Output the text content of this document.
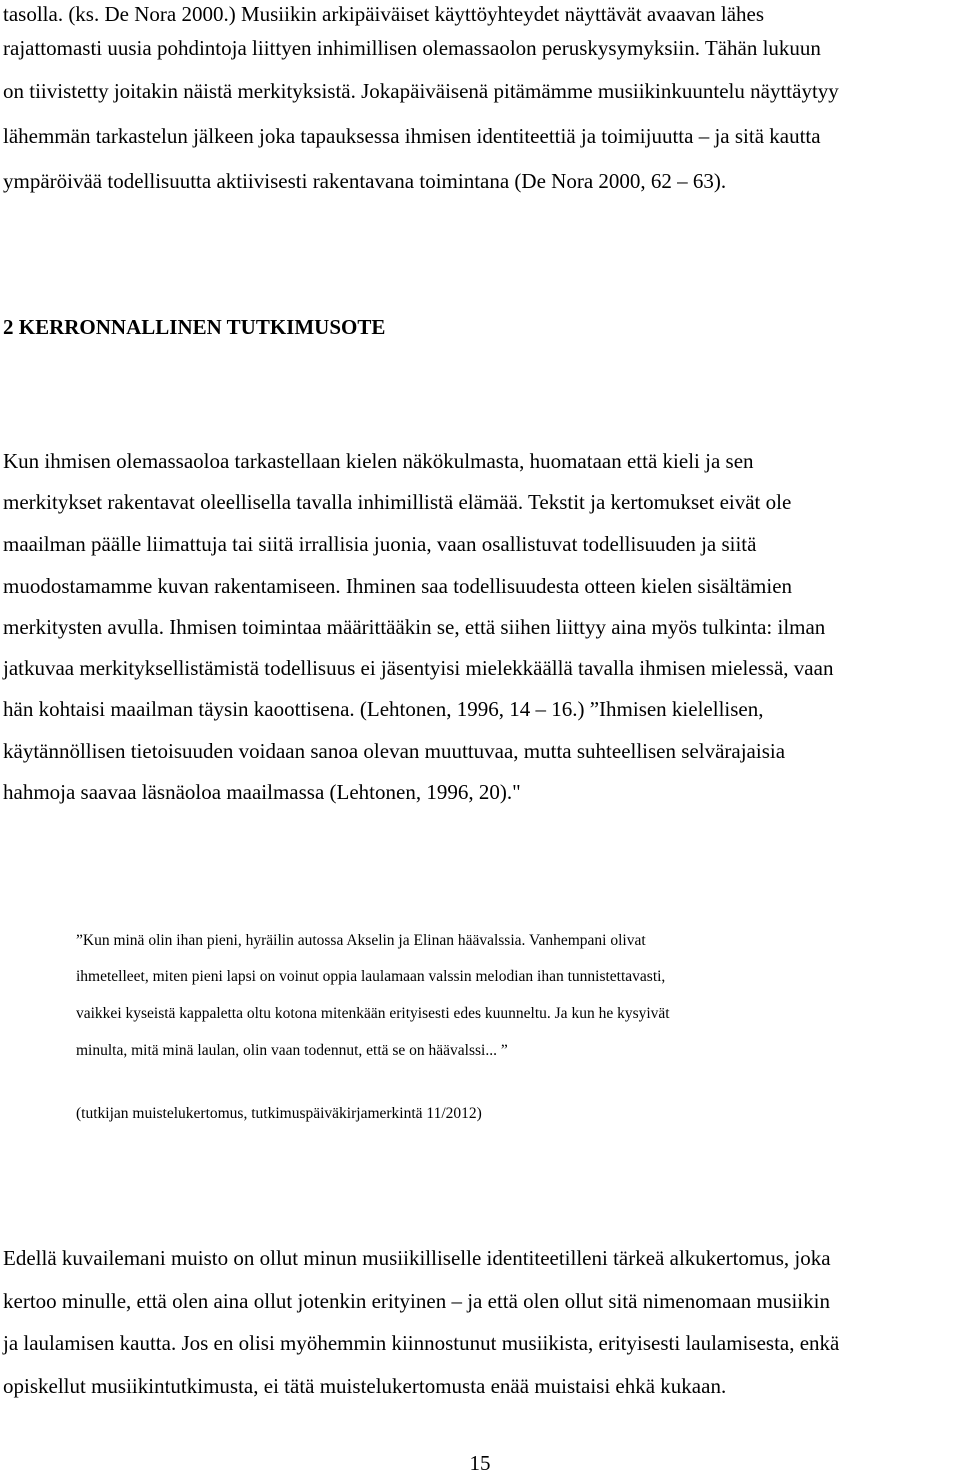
tasolla. (ks. De Nora 2000.) Musiikin arkipäiväiset käyttöyhteydet näyttävät avaavan lähes

rajattomasti uusia pohdintoja liittyen inhimillisen olemassaolon peruskysymyksiin. Tähän lukuun

on tiivistetty joitakin näistä merkityksistä. Jokapäiväisenä pitämämme musiikinkuuntelu näyttäytyy

lähemmän tarkastelun jälkeen joka tapauksessa ihmisen identiteettiä ja toimijuutta – ja sitä kautta

ympäröivää todellisuutta aktiivisesti rakentavana toimintana (De Nora 2000, 62 – 63).

2 KERRONNALLINEN TUTKIMUSOTE

Kun ihmisen olemassaoloa tarkastellaan kielen näkökulmasta, huomataan että kieli ja sen

merkitykset rakentavat oleellisella tavalla inhimillistä elämää. Tekstit ja kertomukset eivät ole

maailman päälle liimattuja tai siitä irrallisia juonia, vaan osallistuvat todellisuuden ja siitä

muodostamamme kuvan rakentamiseen. Ihminen saa todellisuudesta otteen kielen sisältämien

merkitysten avulla. Ihmisen toimintaa määrittääkin se, että siihen liittyy aina myös tulkinta: ilman

jatkuvaa merkityksellistämistä todellisuus ei jäsentyisi mielekkäällä tavalla ihmisen mielessä, vaan

hän kohtaisi maailman täysin kaoottisena. (Lehtonen, 1996, 14 – 16.) ”Ihmisen kielellisen,

käytännöllisen tietoisuuden voidaan sanoa olevan muuttuvaa, mutta suhteellisen selvärajaisia

hahmoja saavaa läsnäoloa maailmassa (Lehtonen, 1996, 20)."

”Kun minä olin ihan pieni, hyräilin autossa Akselin ja Elinan häävalssia. Vanhempani olivat

ihmetelleet, miten pieni lapsi on voinut oppia laulamaan valssin melodian ihan tunnistettavasti,

vaikkei kyseistä kappaletta oltu kotona mitenkään erityisesti edes kuunneltu. Ja kun he kysyivät

minulta, mitä minä laulan, olin vaan todennut, että se on häävalssi... ”

(tutkijan muistelukertomus, tutkimuspäiväkirjamerkintä 11/2012)

Edellä kuvailemani muisto on ollut minun musiikilliselle identiteetilleni tärkeä alkukertomus, joka

kertoo minulle, että olen aina ollut jotenkin erityinen – ja että olen ollut sitä nimenomaan musiikin

ja laulamisen kautta. Jos en olisi myöhemmin kiinnostunut musiikista, erityisesti laulamisesta, enkä

opiskellut musiikintutkimusta, ei tätä muistelukertomusta enää muistaisi ehkä kukaan.

15
